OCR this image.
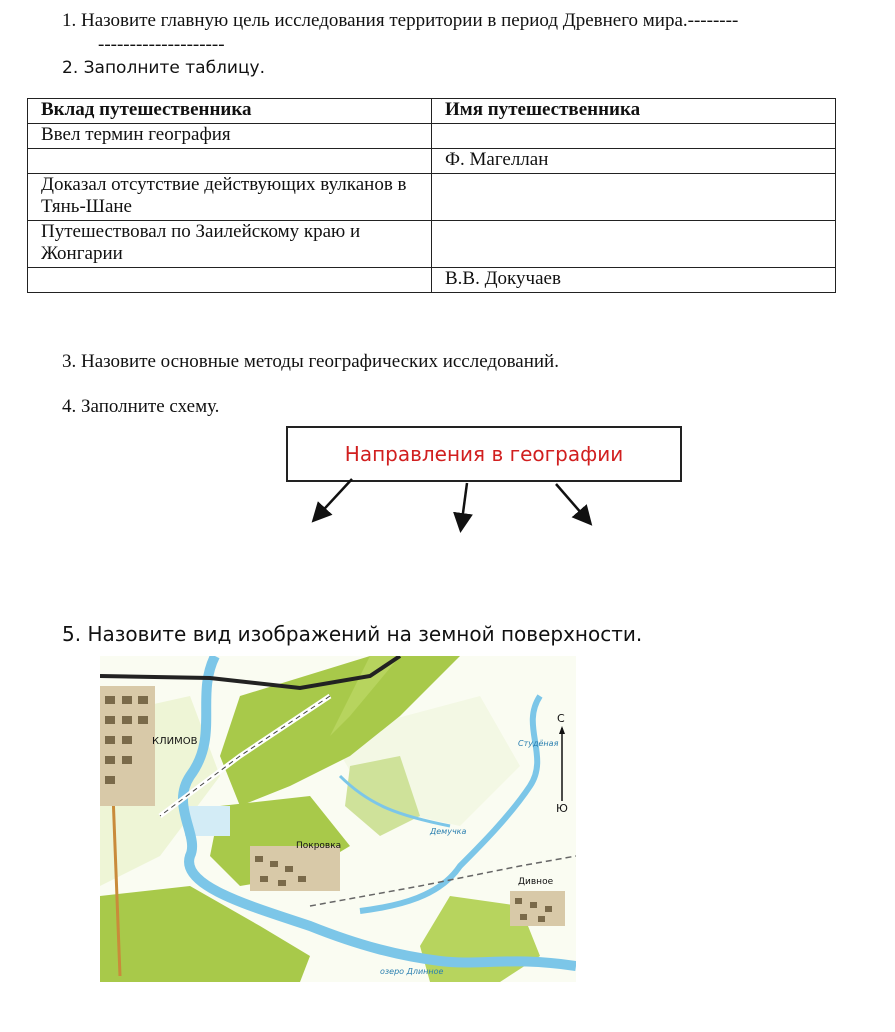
1. Назовите главную цель исследования территории в период Древнего мира.--------
--------------------
2. Заполните таблицу.
Вклад путешественника	Имя путешественника
Ввел термин география	
	Ф. Магеллан
Доказал отсутствие действующих вулканов в Тянь-Шане	
Путешествовал по Заилейскому краю и Жонгарии	
	В.В. Докучаев
3. Назовите основные методы географических исследований.
4. Заполните схему.
Направления в географии
5. Назовите вид изображений на земной поверхности.
КЛИМОВ
Покровка
Дивное
озеро Длинное
Студёная
Демучка
С
Ю
